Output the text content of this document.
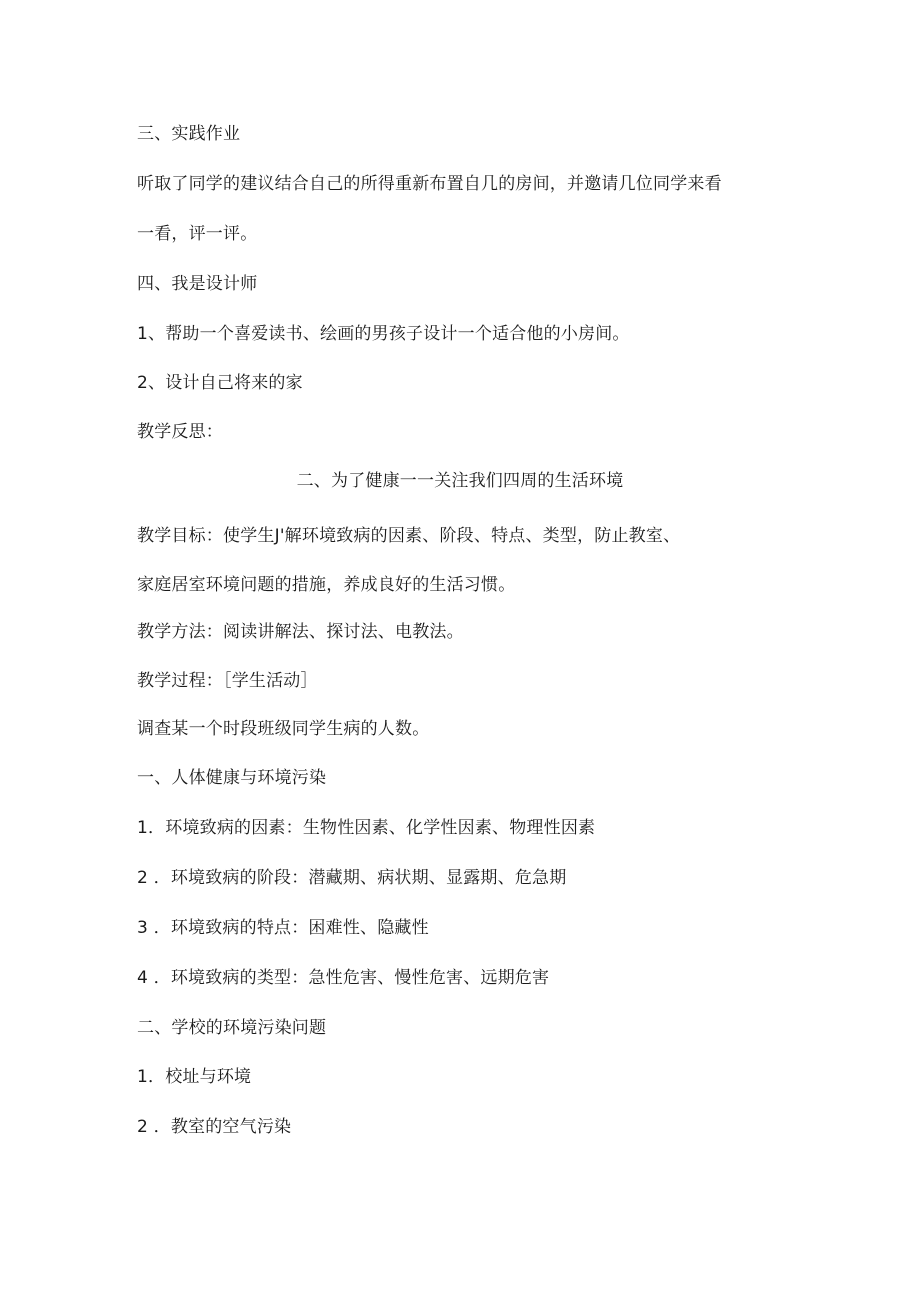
三、实践作业
听取了同学的建议结合自己的所得重新布置自几的房间，并邀请几位同学来看
一看，评一评。
四、我是设计师
1、帮助一个喜爱读书、绘画的男孩子设计一个适合他的小房间。
2、设计自己将来的家
教学反思：
二、为了健康一一关注我们四周的生活环境
教学目标：使学生J'解环境致病的因素、阶段、特点、类型，防止教室、
家庭居室环境问题的措施，养成良好的生活习惯。
教学方法：阅读讲解法、探讨法、电教法。
教学过程：［学生活动］
调查某一个时段班级同学生病的人数。
一、人体健康与环境污染
1．环境致病的因素：生物性因素、化学性因素、物理性因素
2 ．环境致病的阶段：潜藏期、病状期、显露期、危急期
3 ．环境致病的特点：困难性、隐藏性
4 ．环境致病的类型：急性危害、慢性危害、远期危害
二、学校的环境污染问题
1．校址与环境
2 ．教室的空气污染
